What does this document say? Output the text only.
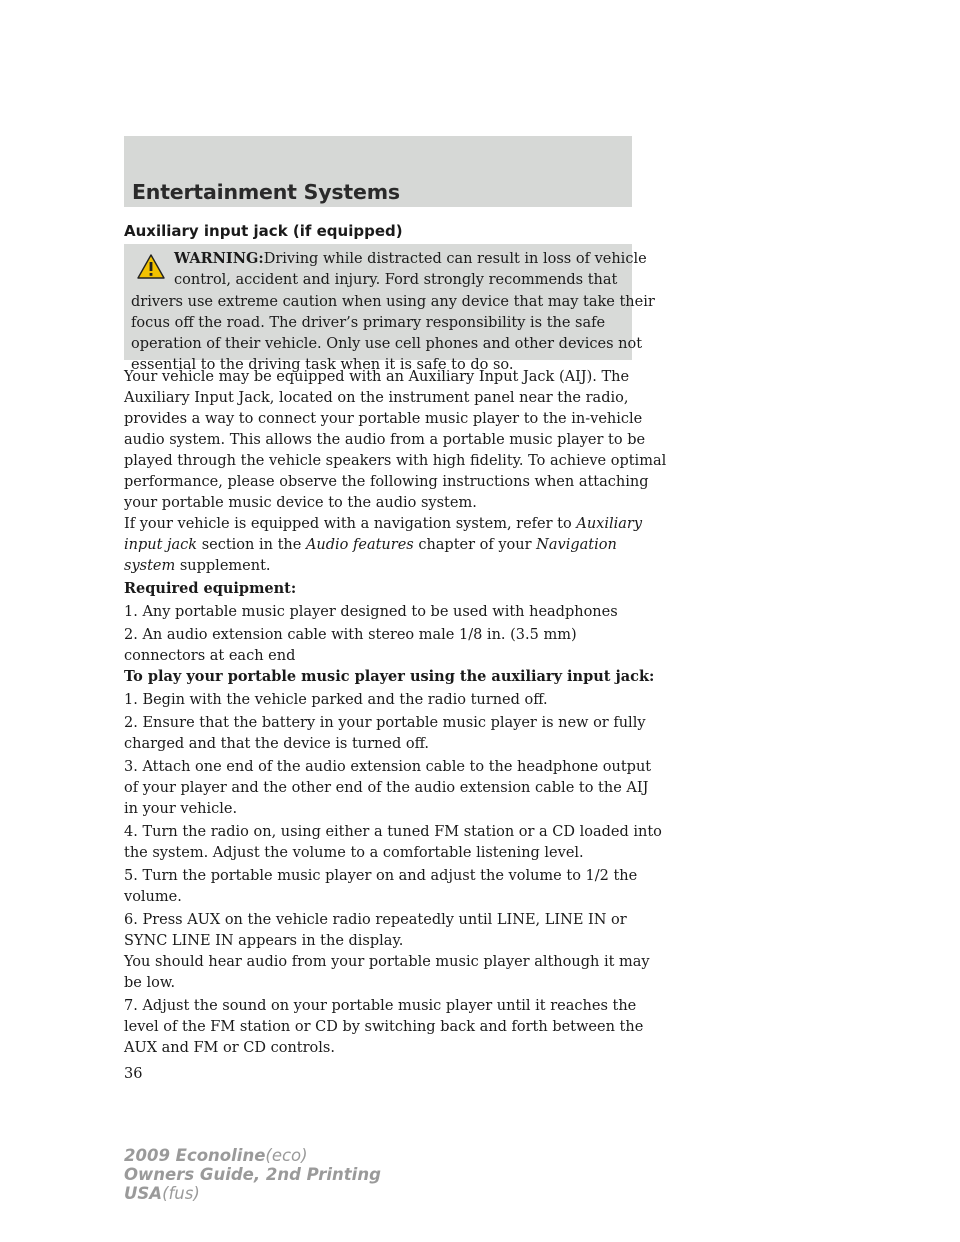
Entertainment Systems
Auxiliary input jack (if equipped)
WARNING:Driving while distracted can result in loss of vehicle
control, accident and injury. Ford strongly recommends that
drivers use extreme caution when using any device that may take their
focus off the road. The driver’s primary responsibility is the safe
operation of their vehicle. Only use cell phones and other devices not
essential to the driving task when it is safe to do so.
Your vehicle may be equipped with an Auxiliary Input Jack (AIJ). The
Auxiliary Input Jack, located on the instrument panel near the radio,
provides a way to connect your portable music player to the in-vehicle
audio system. This allows the audio from a portable music player to be
played through the vehicle speakers with high fidelity. To achieve optimal
performance, please observe the following instructions when attaching
your portable music device to the audio system.
If your vehicle is equipped with a navigation system, refer to Auxiliary
input jack section in the Audio features chapter of your Navigation
system supplement.
Required equipment:
1. Any portable music player designed to be used with headphones
2. An audio extension cable with stereo male 1/8 in. (3.5 mm)
connectors at each end
To play your portable music player using the auxiliary input jack:
1. Begin with the vehicle parked and the radio turned off.
2. Ensure that the battery in your portable music player is new or fully
charged and that the device is turned off.
3. Attach one end of the audio extension cable to the headphone output
of your player and the other end of the audio extension cable to the AIJ
in your vehicle.
4. Turn the radio on, using either a tuned FM station or a CD loaded into
the system. Adjust the volume to a comfortable listening level.
5. Turn the portable music player on and adjust the volume to 1/2 the
volume.
6. Press AUX on the vehicle radio repeatedly until LINE, LINE IN or
SYNC LINE IN appears in the display.
You should hear audio from your portable music player although it may
be low.
7. Adjust the sound on your portable music player until it reaches the
level of the FM station or CD by switching back and forth between the
AUX and FM or CD controls.
36
2009 Econoline(eco)
Owners Guide, 2nd Printing
USA(fus)
